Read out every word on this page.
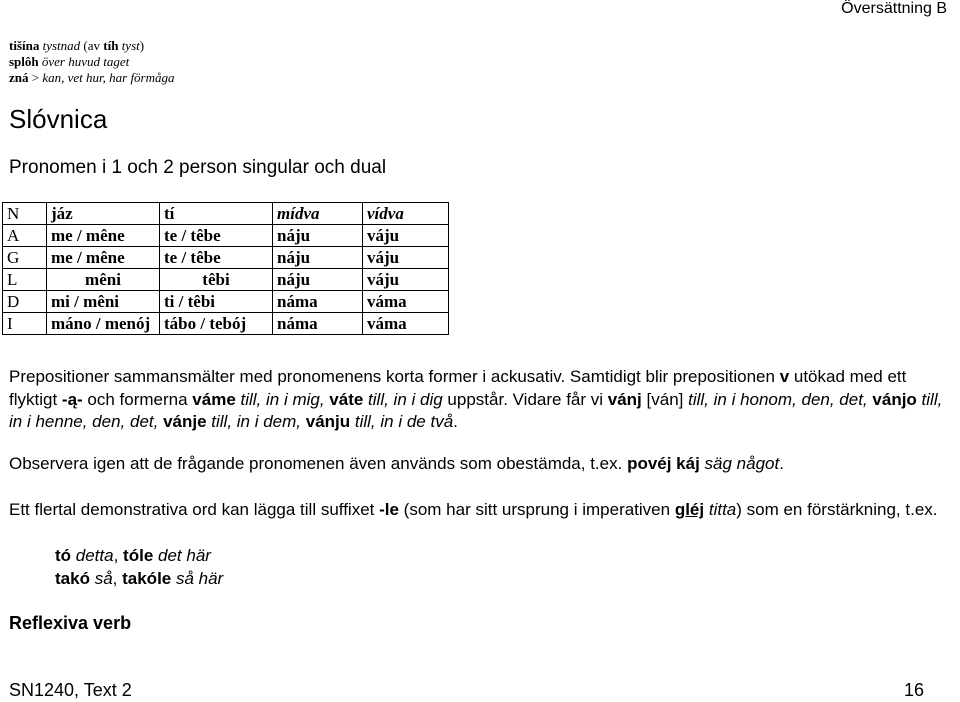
Översättning B
tišína tystnad (av tíh tyst)
splôh över huvud taget
zná > kan, vet hur, har förmåga
Slóvnica
Pronomen i 1 och 2 person singular och dual
N	jáz	tí	mídva	vídva
A	me / mêne	te / têbe	náju	váju
G	me / mêne	te / têbe	náju	váju
L	mêni	têbi	náju	váju
D	mi / mêni	ti / têbi	náma	váma
I	máno / menój	tábo / tebój	náma	váma
Prepositioner sammansmälter med pronomenens korta former i ackusativ. Samtidigt blir prepositionen v utökad med ett flyktigt -ą- och formerna váme till, in i mig, váte till, in i dig uppstår. Vidare får vi vánj [ván] till, in i honom, den, det, vánjo till, in i henne, den, det, vánje till, in i dem, vánju till, in i de två.
Observera igen att de frågande pronomenen även används som obestämda, t.ex. povéj káj säg något.
Ett flertal demonstrativa ord kan lägga till suffixet -le (som har sitt ursprung i imperativen gléj titta) som en förstärkning, t.ex.
tó detta, tóle det här
takó så, takóle så här
Reflexiva verb
SN1240, Text 2	16
